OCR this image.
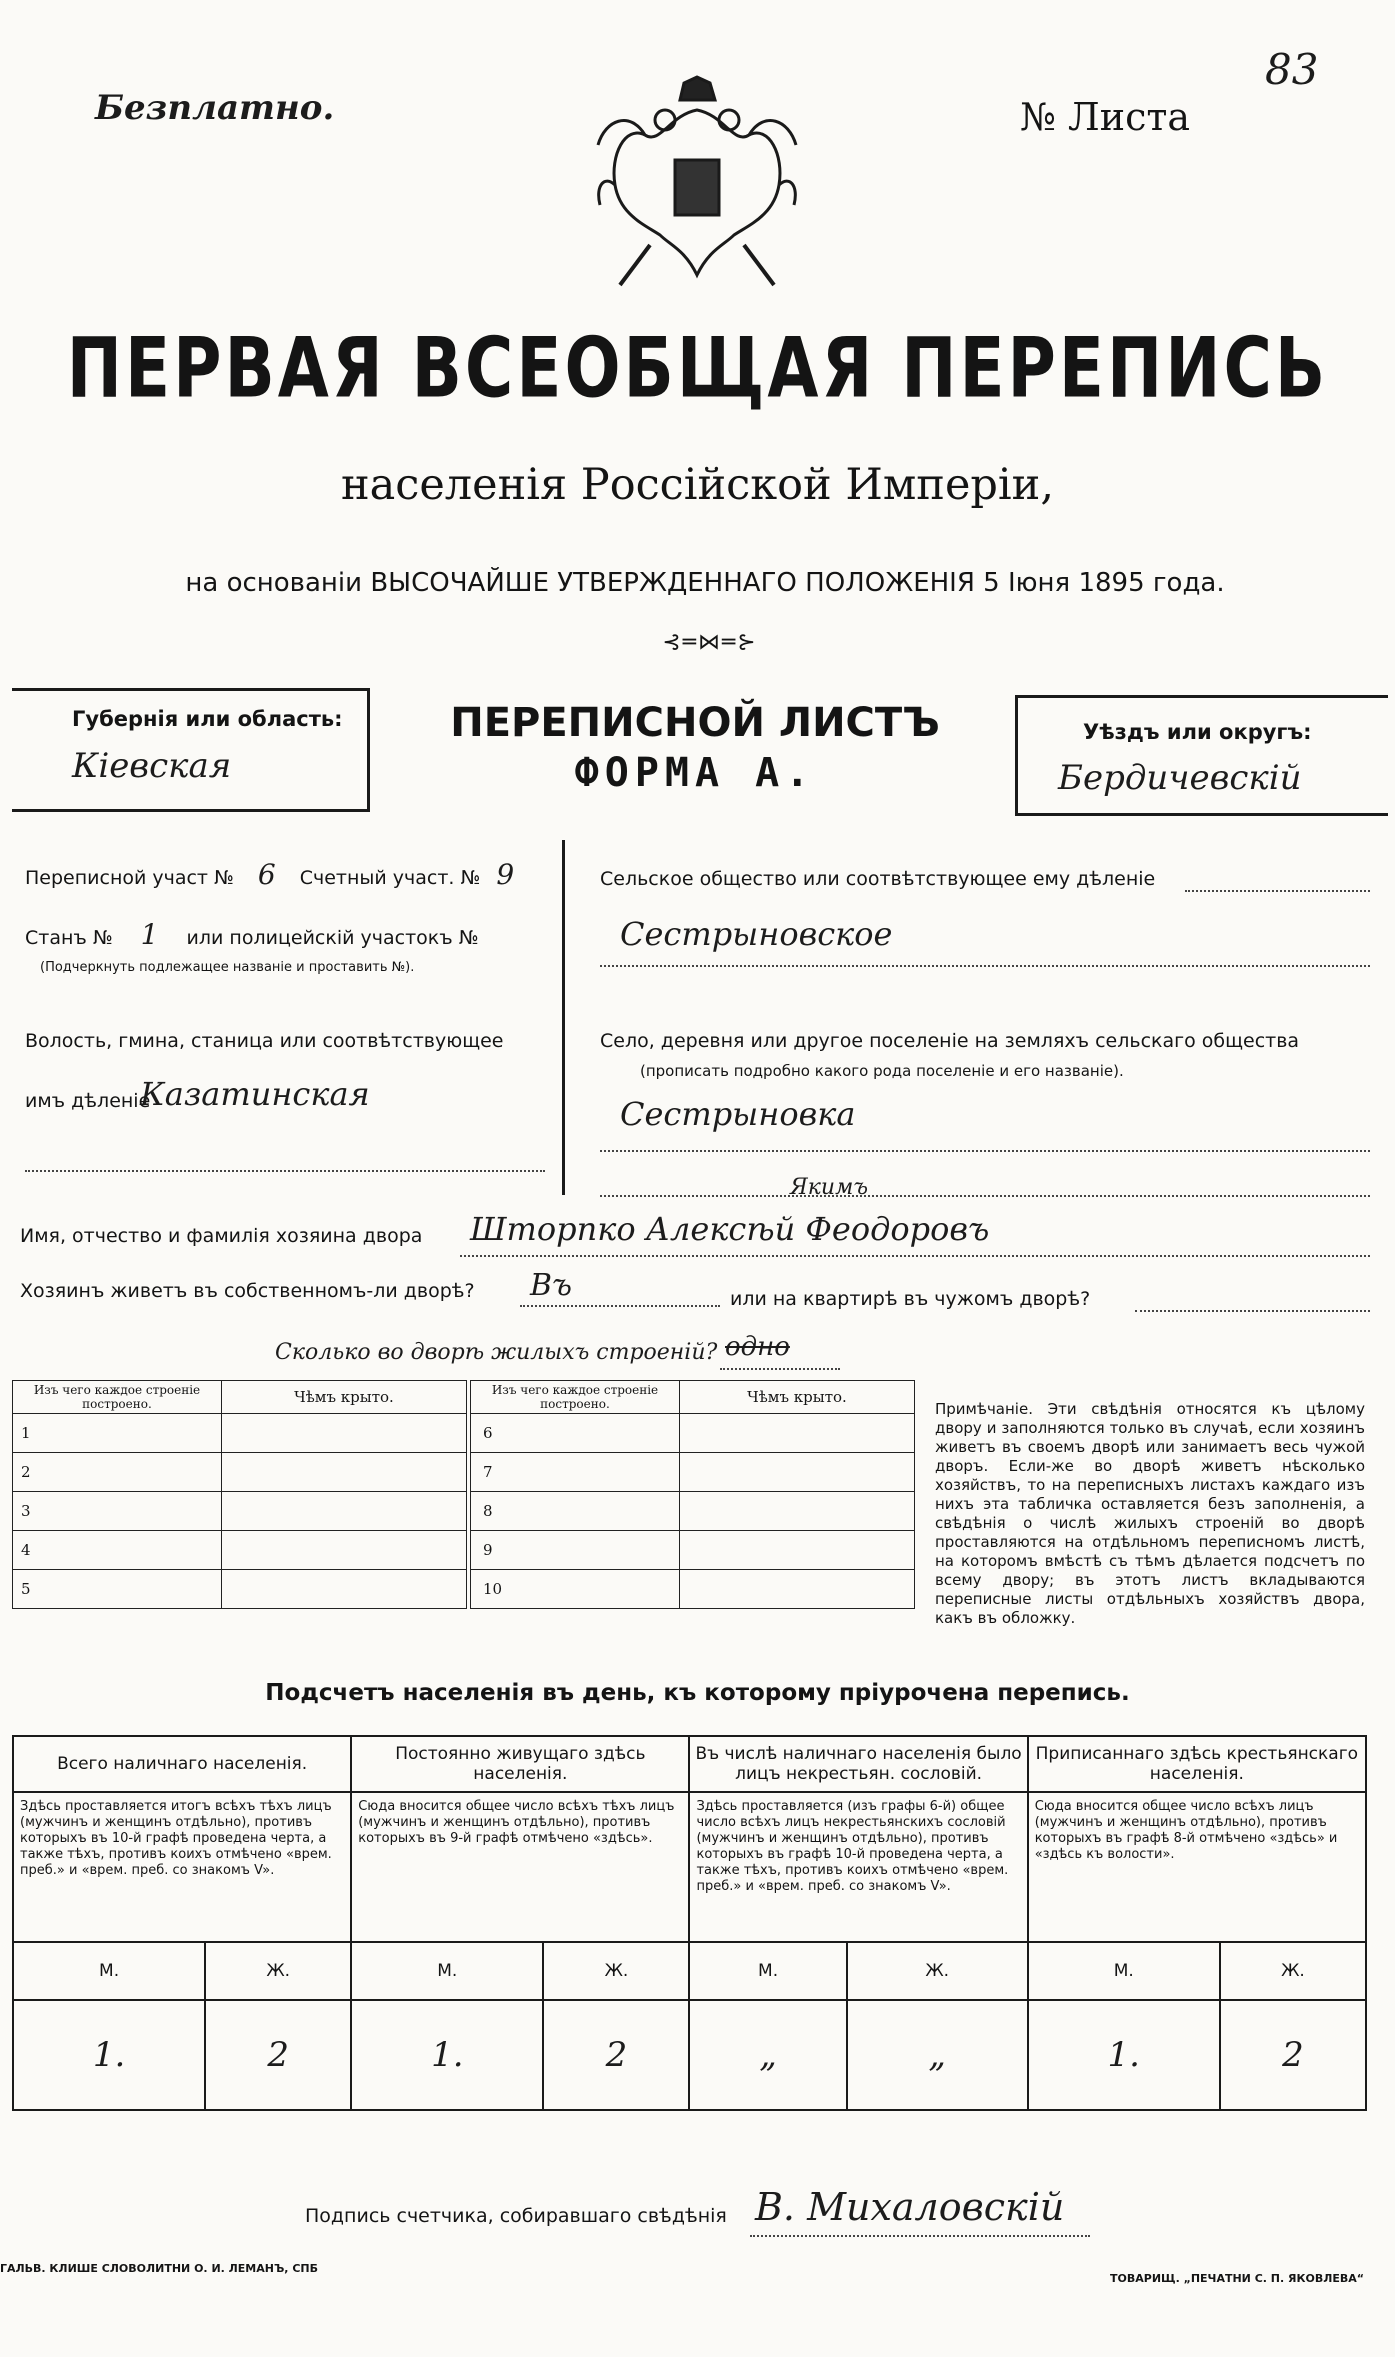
Безплатно.	№ Листа
83
ПЕРВАЯ ВСЕОБЩАЯ ПЕРЕПИСЬ
населенія Россійской Имперіи,
на основаніи ВЫСОЧАЙШЕ УТВЕРЖДЕННАГО ПОЛОЖЕНІЯ 5 Іюня 1895 года.
⊰═⋈═⊱
Губернія или область:
Кіевская
ПЕРЕПИСНОЙ ЛИСТЪ
ФОРМА А.
Уѣздъ или округъ:
Бердичевскій
Переписной участ № 6 Счетный участ. № 9
Станъ № 1 или полицейскій участокъ №
(Подчеркнуть подлежащее названіе и проставить №).
Волость, гмина, станица или соотвѣтствующее
имъ дѣленіе
Казатинская
Сельское общество или соотвѣтствующее ему дѣленіе
Сестрыновское
Село, деревня или другое поселеніе на земляхъ сельскаго общества
(прописать подробно какого рода поселеніе и его названіе).
Сестрыновка
Имя, отчество и фамилія хозяина двора Шторпко Алексѣй Феодоровъ
Якимъ
Хозяинъ живетъ въ собственномъ-ли дворѣ? Въ	или на квартирѣ въ чужомъ дворѣ?
Сколько во дворѣ жилыхъ строеній? одно
Изъ чего каждое строеніе построено.	Чѣмъ крыто.
1	
2	
3	
4	
5	
Изъ чего каждое строеніе построено.	Чѣмъ крыто.
6	
7	
8	
9	
10	
Примѣчаніе. Эти свѣдѣнія относятся къ цѣлому двору и заполняются только въ случаѣ, если хозяинъ живетъ въ своемъ дворѣ или занимаетъ весь чужой дворъ. Если-же во дворѣ живетъ нѣсколько хозяйствъ, то на переписныхъ листахъ каждаго изъ нихъ эта табличка оставляется безъ заполненія, а свѣдѣнія о числѣ жилыхъ строеній во дворѣ проставляются на отдѣльномъ переписномъ листѣ, на которомъ вмѣстѣ съ тѣмъ дѣлается подсчетъ по всему двору; въ этотъ листъ вкладываются переписные листы отдѣльныхъ хозяйствъ двора, какъ въ обложку.
Подсчетъ населенія въ день, къ которому пріурочена перепись.
Всего наличнаго населенія.		Постоянно живущаго здѣсь населенія.		Въ числѣ наличнаго населенія было лицъ некрестьян. сословій.		Приписаннаго здѣсь крестьянскаго населенія.	
Здѣсь проставляется итогъ всѣхъ тѣхъ лицъ (мужчинъ и женщинъ отдѣльно), противъ которыхъ въ 10-й графѣ проведена черта, а также тѣхъ, противъ коихъ отмѣчено «врем. преб.» и «врем. преб. со знакомъ V».		Сюда вносится общее число всѣхъ тѣхъ лицъ (мужчинъ и женщинъ отдѣльно), противъ которыхъ въ 9-й графѣ отмѣчено «здѣсь».		Здѣсь проставляется (изъ графы 6-й) общее число всѣхъ лицъ некрестьянскихъ сословій (мужчинъ и женщинъ отдѣльно), противъ которыхъ въ графѣ 10-й проведена черта, а также тѣхъ, противъ коихъ отмѣчено «врем. преб.» и «врем. преб. со знакомъ V».		Сюда вносится общее число всѣхъ лицъ (мужчинъ и женщинъ отдѣльно), противъ которыхъ въ графѣ 8-й отмѣчено «здѣсь» и «здѣсь къ волости».	
М.	Ж.	М.	Ж.	М.	Ж.	М.	Ж.
1.	2	1.	2	„	„	1.	2
Подпись счетчика, собиравшаго свѣдѣнія В. Михаловскій
ГАЛЬВ. КЛИШЕ СЛОВОЛИТНИ О. И. ЛЕМАНЪ, СПБ
ТОВАРИЩ. „ПЕЧАТНИ С. П. ЯКОВЛЕВА“
